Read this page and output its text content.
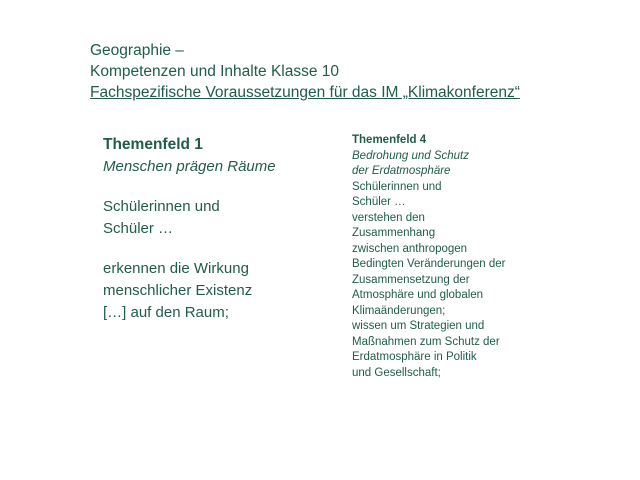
Geographie –
Kompetenzen und Inhalte Klasse 10
Fachspezifische Voraussetzungen für das IM „Klimakonferenz“
Themenfeld 1
Menschen prägen Räume
Schülerinnen und
Schüler …
erkennen die Wirkung
menschlicher Existenz
[…] auf den Raum;
Themenfeld 4
Bedrohung und Schutz
der Erdatmosphäre
Schülerinnen und
Schüler …
verstehen den
Zusammenhang
zwischen anthropogen
Bedingten Veränderungen der
Zusammensetzung der
Atmosphäre und globalen
Klimaänderungen;
wissen um Strategien und
Maßnahmen zum Schutz der
Erdatmosphäre in Politik
und Gesellschaft;
